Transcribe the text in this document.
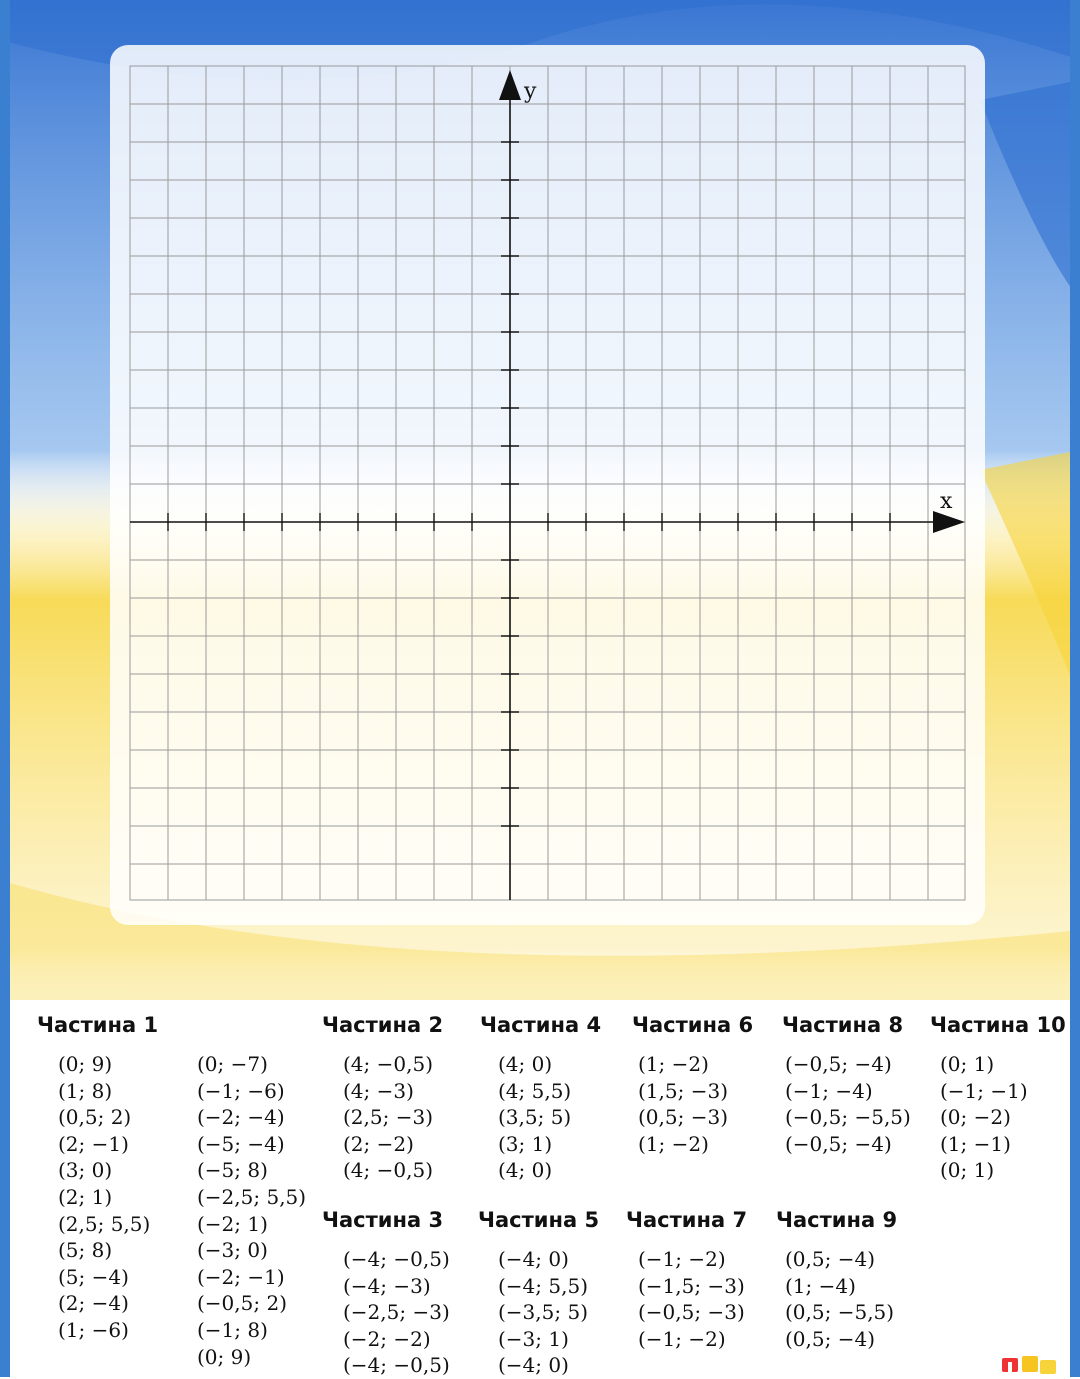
x
y
Частина 1
(0; 9)
(1; 8)
(0,5; 2)
(2; −1)
(3; 0)
(2; 1)
(2,5; 5,5)
(5; 8)
(5; −4)
(2; −4)
(1; −6)
(0; −7)
(−1; −6)
(−2; −4)
(−5; −4)
(−5; 8)
(−2,5; 5,5)
(−2; 1)
(−3; 0)
(−2; −1)
(−0,5; 2)
(−1; 8)
(0; 9)
Частина 2
(4; −0,5)
(4; −3)
(2,5; −3)
(2; −2)
(4; −0,5)
Частина 3
(−4; −0,5)
(−4; −3)
(−2,5; −3)
(−2; −2)
(−4; −0,5)
Частина 4
(4; 0)
(4; 5,5)
(3,5; 5)
(3; 1)
(4; 0)
Частина 5
(−4; 0)
(−4; 5,5)
(−3,5; 5)
(−3; 1)
(−4; 0)
Частина 6
(1; −2)
(1,5; −3)
(0,5; −3)
(1; −2)
Частина 7
(−1; −2)
(−1,5; −3)
(−0,5; −3)
(−1; −2)
Частина 8
(−0,5; −4)
(−1; −4)
(−0,5; −5,5)
(−0,5; −4)
Частина 9
(0,5; −4)
(1; −4)
(0,5; −5,5)
(0,5; −4)
Частина 10
(0; 1)
(−1; −1)
(0; −2)
(1; −1)
(0; 1)
